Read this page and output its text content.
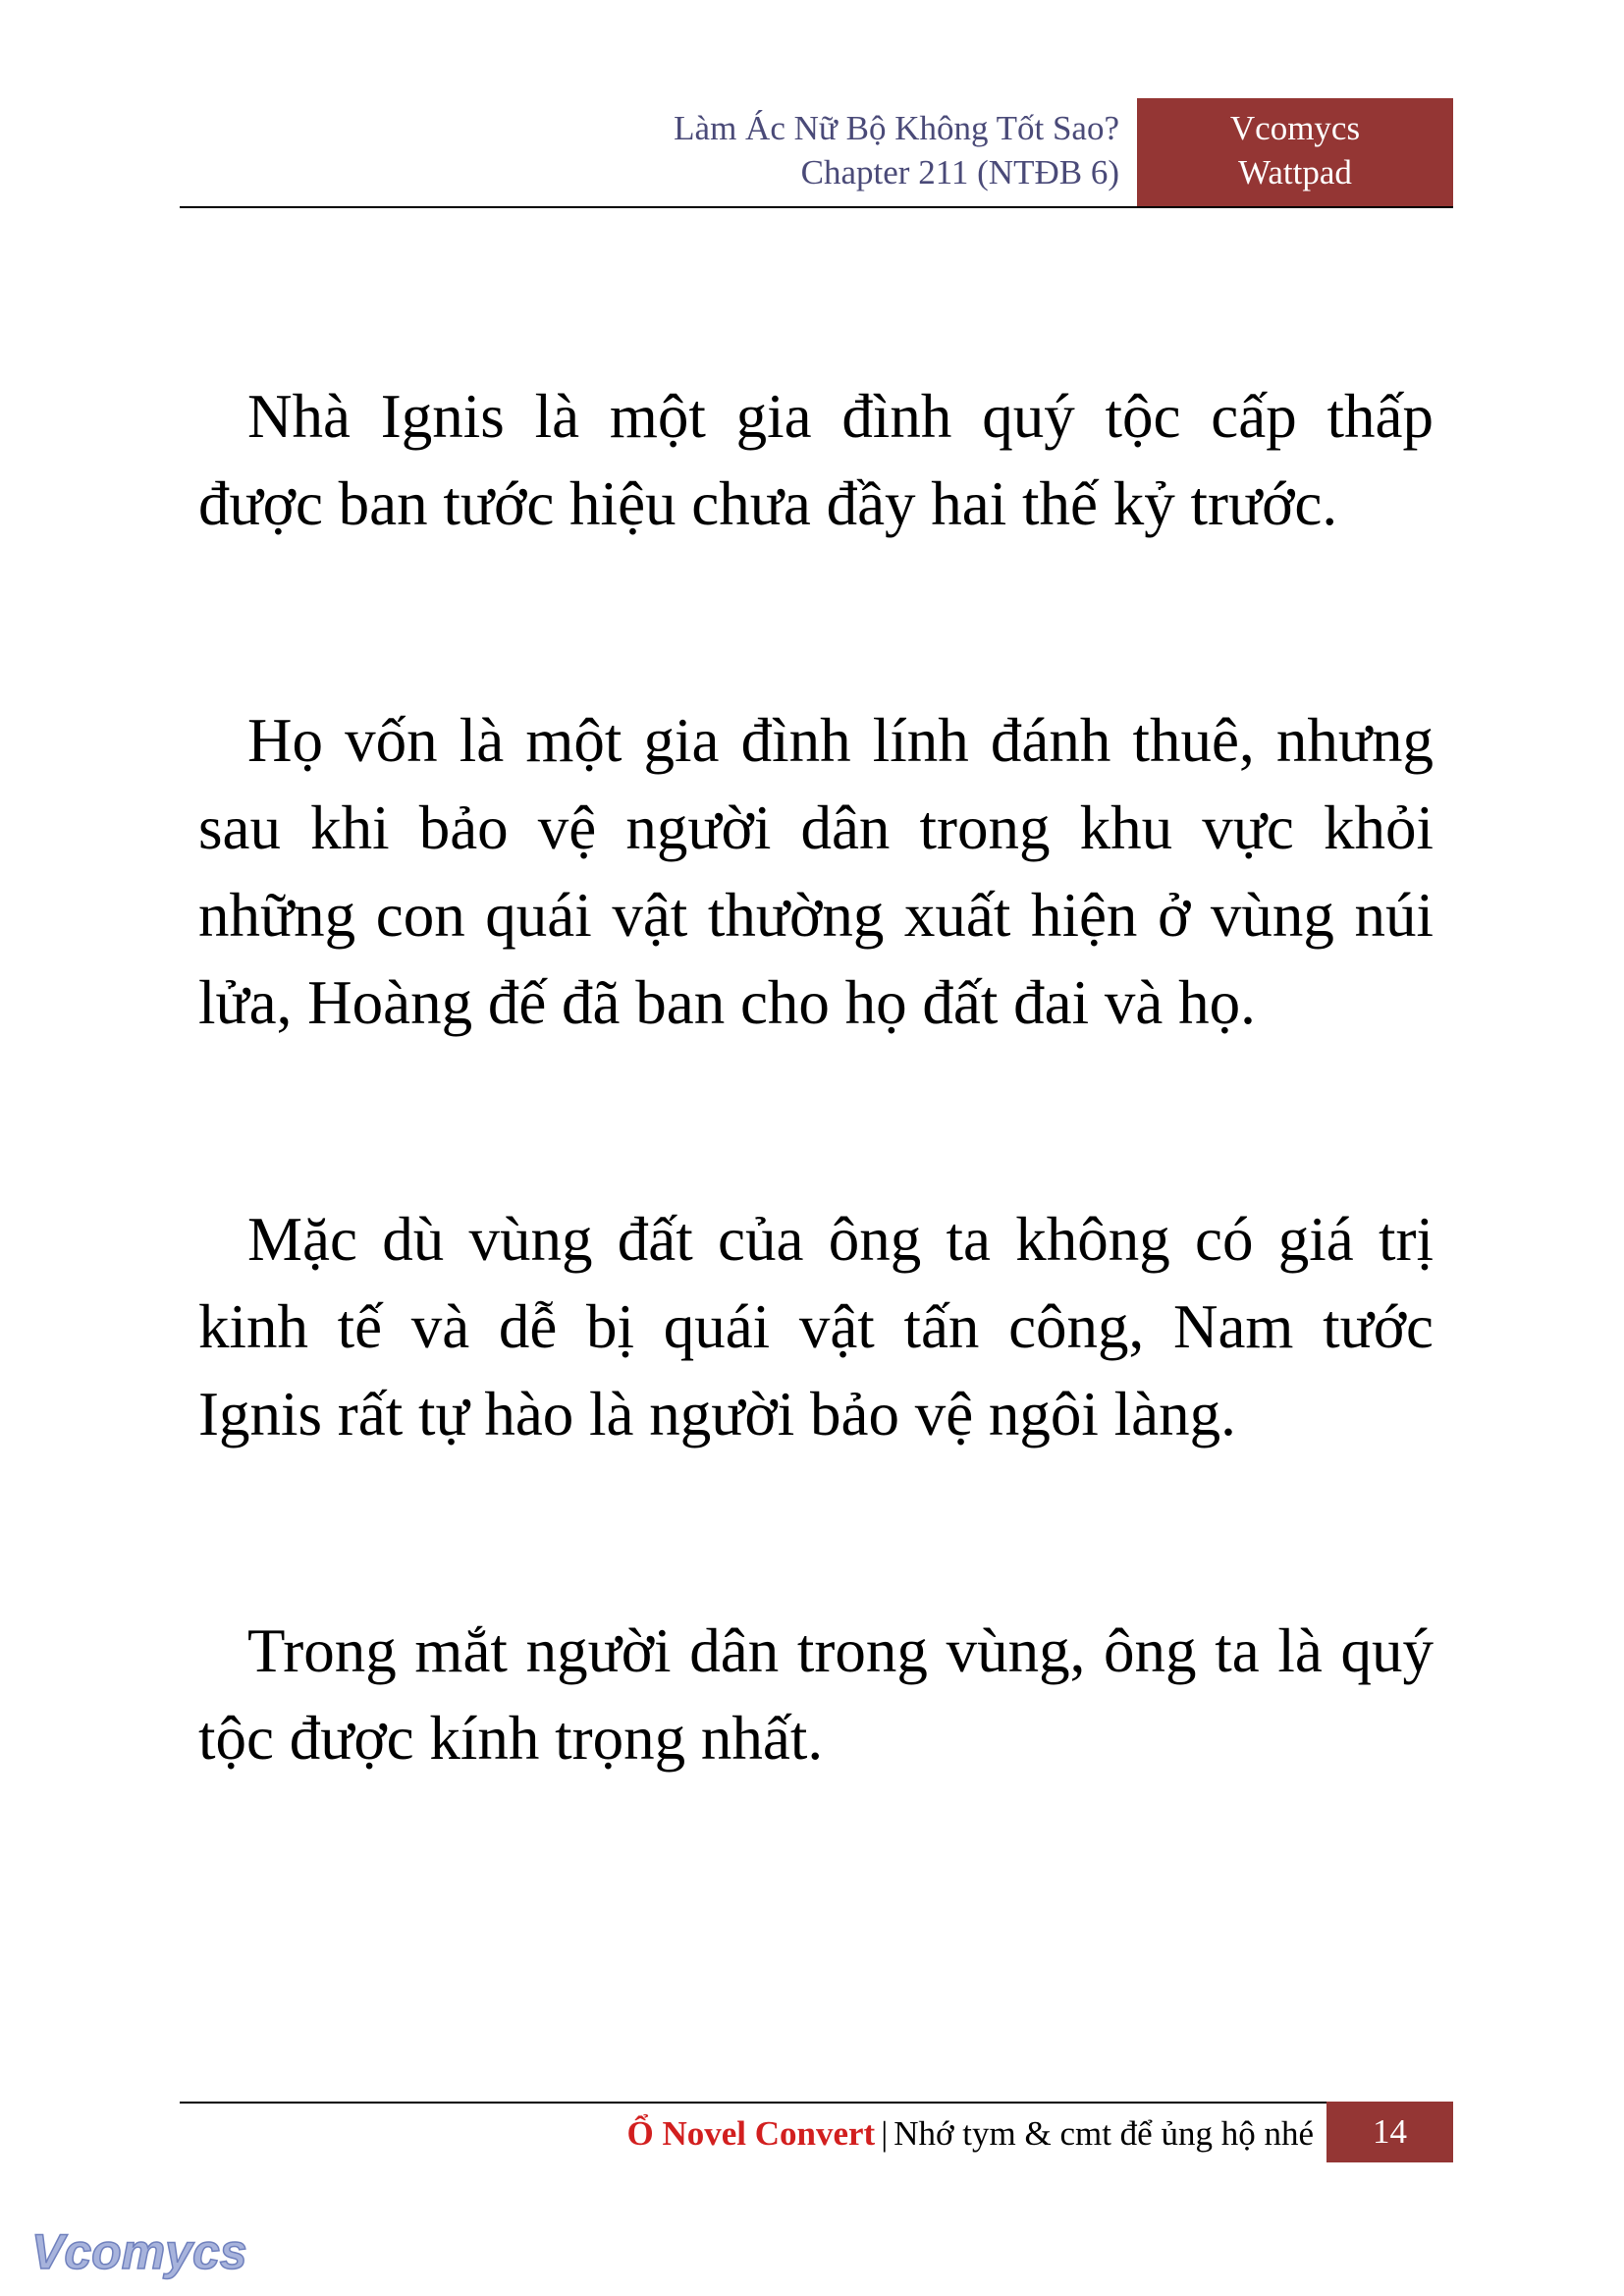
Làm Ác Nữ Bộ Không Tốt Sao?
Chapter 211 (NTĐB 6)
Vcomycs
Wattpad

Nhà Ignis là một gia đình quý tộc cấp thấp được ban tước hiệu chưa đầy hai thế kỷ trước.

Họ vốn là một gia đình lính đánh thuê, nhưng sau khi bảo vệ người dân trong khu vực khỏi những con quái vật thường xuất hiện ở vùng núi lửa, Hoàng đế đã ban cho họ đất đai và họ.

Mặc dù vùng đất của ông ta không có giá trị kinh tế và dễ bị quái vật tấn công, Nam tước Ignis rất tự hào là người bảo vệ ngôi làng.

Trong mắt người dân trong vùng, ông ta là quý tộc được kính trọng nhất.

Ổ Novel Convert | Nhớ tym & cmt để ủng hộ nhé	14
Vcomycs
